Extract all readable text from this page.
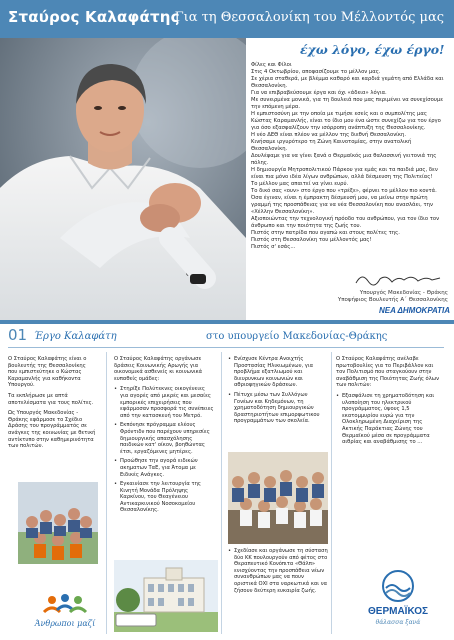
Σταύρος Καλαφάτης
Για τη Θεσσαλονίκη του Μέλλοντός μας
έχω λόγο, έχω έργο!

Φίλες και Φίλοι

Στις 4 Οκτωβρίου, αποφασίζουμε το μέλλον μας.

Σε χέρια σταθερά, με βλέμμα καθαρό και καρδιά γεμάτη από Ελλάδα και Θεσσαλονίκη.

Για να επιβραβεύσουμε έργα και όχι «άδεια» λόγια.

Με συνειρμένα μονικά, για τη δουλειά που μας περιμένει να συνεχίσουμε την επόμενη μέρα.

Η εμπιστοσύνη με την οποία με τιμήσε εσείς και ο συμπολίτης μας Κώστας Καραμανλής, είναι το ίδιο μου ένα ώστε συνεχίζω για τον έργο για όσο εξασφαλίζουν την ισόρροπη ανάπτυξη της Θεσσαλονίκης.

Η νέο ΔΕΘ είναι πλέον να μέλλον της διεθνή Θεσσαλονίκη.

Κινήσαμε ιργυρότερο τη Ζώνη Καινοτομίας, στην ανατολική Θεσσαλονίκη.

Δουλέψαμε για να γίνει ξανά ο Θερμαϊκός μια θαλασσινή γειτονιά της πόλης.

Η δημιουργία Μητροπολιτικού Πάρκου για εμάς και τα παιδιά μας, δεν είναι πια μόνο ιδέα λίγων ανθρώπων, αλλά δέσμευση της Πολιτείας!

Το μέλλον μας απαιτεί να γίνει ευρύ.

Το δικό σας «ουν» στο έργο που «τρέξε», φέρνει το μέλλον πιο κοντά.

Όσα έγιναν, είναι η έμπρακτη δέσμευσή μου, να μείνω στην πρώτη γραμμή της προσπάθειας για να νέα Θεσσαλονίκη που ανασλάει, την «Χέλλην Θεσσαλονίκη».

Αξιοποιώντας την τεχνολογική πρόοδο του ανθρώπου, για τον ίδιο τον άνθρωπο και την ποιότητα της ζωής του.

Πιστός στην πατρίδα που αγαπώ και στους πολίτες της.

Πιστός στη Θεσσαλονίκη του μέλλοντός μας!

Πιστός σ' εσάς...

Υπουργός Μακεδονίας - Θράκης
Υποψήφιος Βουλευτής Α΄ Θεσσαλονίκης
ΝΕΑ ΔΗΜΟΚΡΑΤΙΑ
01 Έργο Καλαφάτη	στο υπουργείο Μακεδονίας-Θράκης

Ο Σταύρος Καλαφάτης είναι ο βουλευτής της Θεσσαλονίκης που εμπιστεύτηκε ο Κώστας Καραμανλής για καθήκοντα Υπουργού.

Τα εκπλήρωσε με απτά αποτελέσματα για τους πολίτες.

Ως Υπουργός Μακεδονίας - Θράκης εφάρμοσε το Σχέδιο Δράσης του προγράμματός σε ανάγκες της κοινωνίας με θετική αντίκτυπο στην καθημερινότητα των πολιτών.

Άνθρωποι μαζί

Ο Σταύρος Καλαφάτης οργάνωσε δράσεις Κοινωνικής Αρωγής για οικονομικά ασθενείς κι κοινωνικά ευπαθείς ομάδες:

• Στηρίξε Πολύτεκνες οικογένειες για αγορές από μικρές και μεσαίες εμπορικές επιχειρήσεις που εφάρμοσαν προσφορά τις συνέπειες από την κατασκευή του Μετρό.
• Εκπόνησε πρόγραμμα ελέους Φρόντιδν που παρέχουν υπηρεσίες δημιουργικής απασχόλησης παιδικών κατ' οίκον, βοηθώντας έτσι, εργαζόμενες μητέρες.
• Προώθησε την αγορά ειδικών ακηματων ΤαΕ, για Άτομα με Ειδικές Ανάγκες.
• Εγκαινίασε την λειτουργία της Κινητή Μονάδα Πρόληψης Καρκίνου, του Θεαγένειου Αντικαρκινικού Νοσοκομείου Θεσσαλονίκης.
• Ενίσχυσε Κέντρα Ανοιχτής Προστασίας Ηλικιωμένων, για προβλήμα εξατλιωμού και διευρυνκων κοινωνιών και αθριοψηγικών δράσεων.
• Πέτυχε μέσω των Συλλόγων Γονέων και Κηδεμόνων, τη χρηματοδότηση δημιουργικών δραστηριοτήτων επιμορφωτικου προγραμμάτων των σκολεία.
• Σχεδίασε και οργάνωσε τη σύσταση δύο ΚΚ πουλουργούν από φέτος στο Θεραπευτικό Κονόπιτα «Θάλπ» ενισχύοντας την προσπάθεια νέων συνανθρώπων μας να πουν οριστικά ΟΧΙ στα ναρκωτικά και να ζήσουν δεύτερη ευκαιρία ζωής.

Ο Σταύρος Καλαφάτης ανέλαβε πρωτοβουλίες για το Περιβάλλον και τον Πολιτισμό που σταγκούουν στην αναβάθμιση της Ποιότητας Ζωής όλων των πολιτών:

• Εξασφάλισε τη χρηματοδότηση και υλοποίηση του ηλεκτρικού προγράμματος, ύψους 1,5 εκατομμυρίου ευρώ για την Ολοκληρωμένη Διαχείριση της Ακτικής Παράκτιας Ζώνης του Θερμαϊκού μέσα σε προγράμματα αιθρίας και αναβάθμισης το ...
ΘΕΡΜΑΪΚΟΣ
θάλασσα ξανά
